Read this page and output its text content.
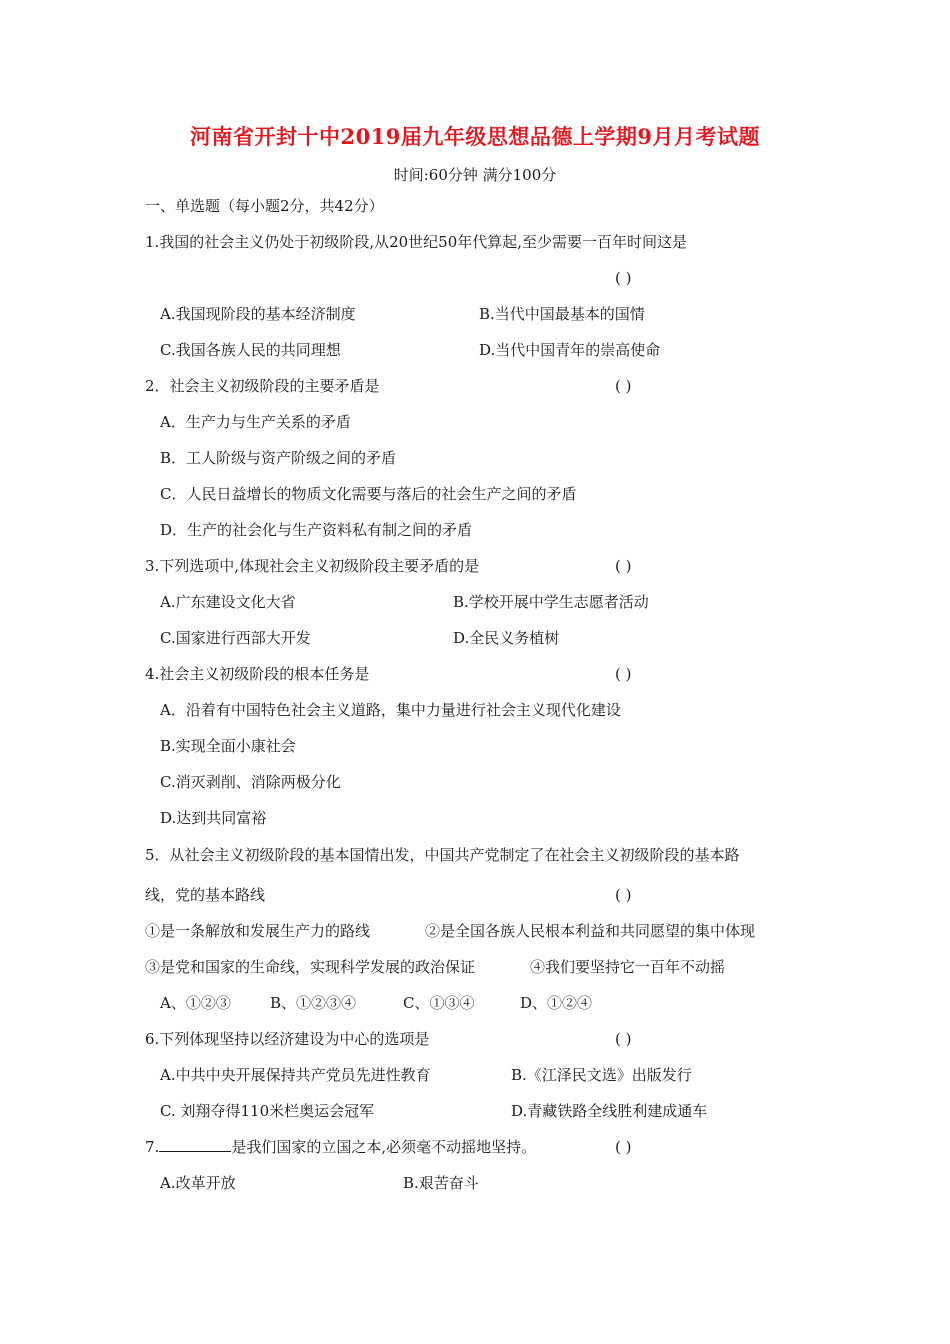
河南省开封十中2019届九年级思想品德上学期9月月考试题
时间:60分钟 满分100分
一、单选题（每小题2分，共42分）
1.我国的社会主义仍处于初级阶段,从20世纪50年代算起,至少需要一百年时间这是
( )
A.我国现阶段的基本经济制度	B.当代中国最基本的国情
C.我国各族人民的共同理想	D.当代中国青年的崇高使命
2．社会主义初级阶段的主要矛盾是	( )
A．生产力与生产关系的矛盾
B．工人阶级与资产阶级之间的矛盾
C．人民日益增长的物质文化需要与落后的社会生产之间的矛盾
D．生产的社会化与生产资料私有制之间的矛盾
3.下列选项中,体现社会主义初级阶段主要矛盾的是	( )
A.广东建设文化大省	B.学校开展中学生志愿者活动
C.国家进行西部大开发	D.全民义务植树
4.社会主义初级阶段的根本任务是	( )
A．沿着有中国特色社会主义道路，集中力量进行社会主义现代化建设
B.实现全面小康社会
C.消灭剥削、消除两极分化
D.达到共同富裕
5．从社会主义初级阶段的基本国情出发，中国共产党制定了在社会主义初级阶段的基本路
线，党的基本路线	( )
①是一条解放和发展生产力的路线	②是全国各族人民根本利益和共同愿望的集中体现
③是党和国家的生命线，实现科学发展的政治保证	④我们要坚持它一百年不动摇
A、①②③	B、①②③④	C、①③④	D、①②④
6.下列体现坚持以经济建设为中心的选项是	( )
A.中共中央开展保持共产党员先进性教育	B.《江泽民文选》出版发行
C. 刘翔夺得110米栏奥运会冠军	D.青藏铁路全线胜利建成通车
7.	是我们国家的立国之本,必须毫不动摇地坚持。	( )
A.改革开放	B.艰苦奋斗
